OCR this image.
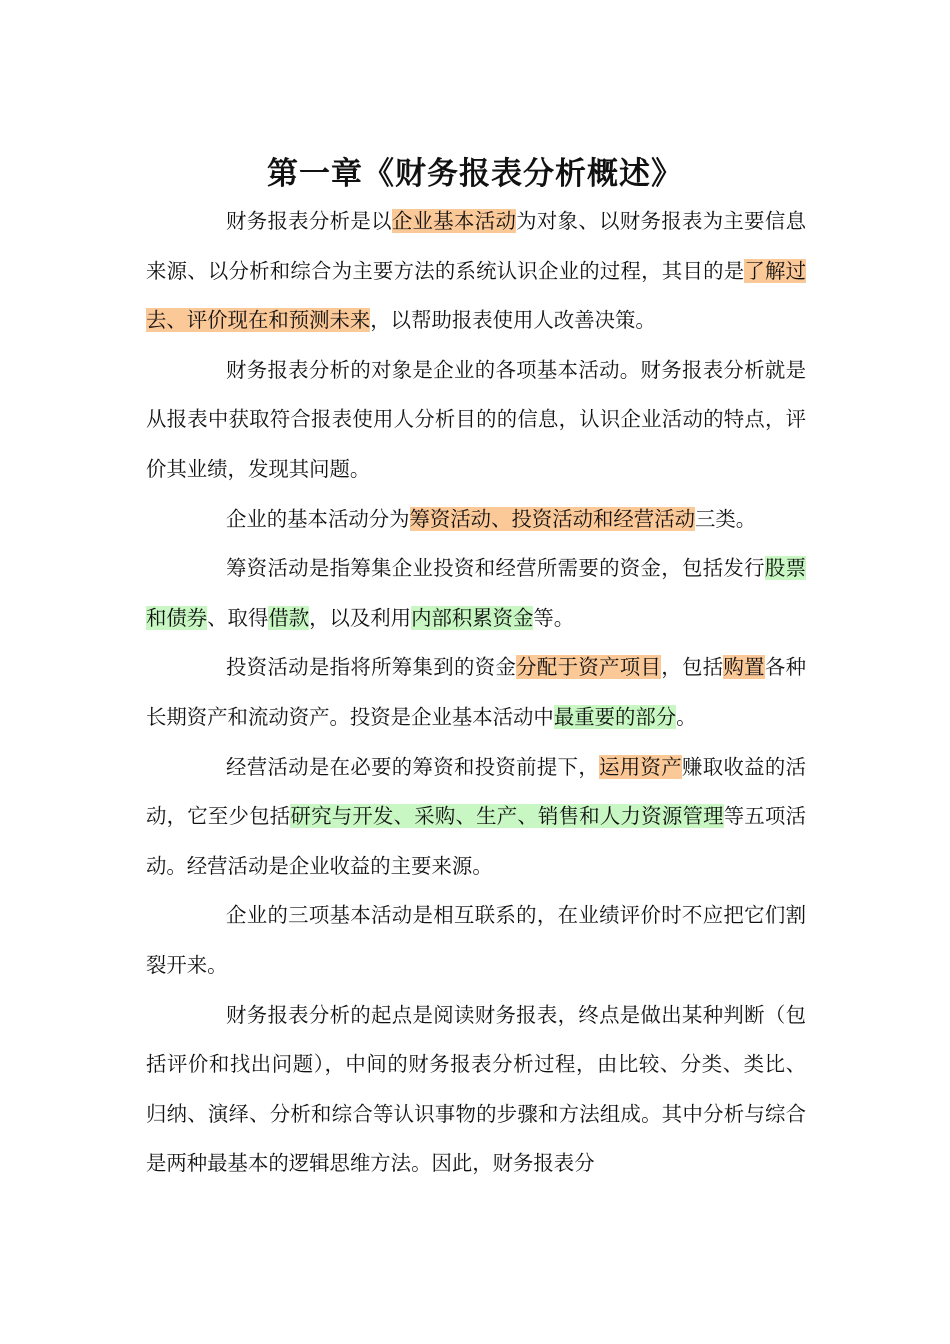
第一章《财务报表分析概述》

财务报表分析是以企业基本活动为对象、以财务报表为主要信息来源、以分析和综合为主要方法的系统认识企业的过程，其目的是了解过去、评价现在和预测未来，以帮助报表使用人改善决策。

财务报表分析的对象是企业的各项基本活动。财务报表分析就是从报表中获取符合报表使用人分析目的的信息，认识企业活动的特点，评价其业绩，发现其问题。

企业的基本活动分为筹资活动、投资活动和经营活动三类。

筹资活动是指筹集企业投资和经营所需要的资金，包括发行股票和债券、取得借款，以及利用内部积累资金等。

投资活动是指将所筹集到的资金分配于资产项目，包括购置各种长期资产和流动资产。投资是企业基本活动中最重要的部分。

经营活动是在必要的筹资和投资前提下，运用资产赚取收益的活动，它至少包括研究与开发、采购、生产、销售和人力资源管理等五项活动。经营活动是企业收益的主要来源。

企业的三项基本活动是相互联系的，在业绩评价时不应把它们割裂开来。

财务报表分析的起点是阅读财务报表，终点是做出某种判断（包括评价和找出问题），中间的财务报表分析过程，由比较、分类、类比、归纳、演绎、分析和综合等认识事物的步骤和方法组成。其中分析与综合是两种最基本的逻辑思维方法。因此，财务报表分
